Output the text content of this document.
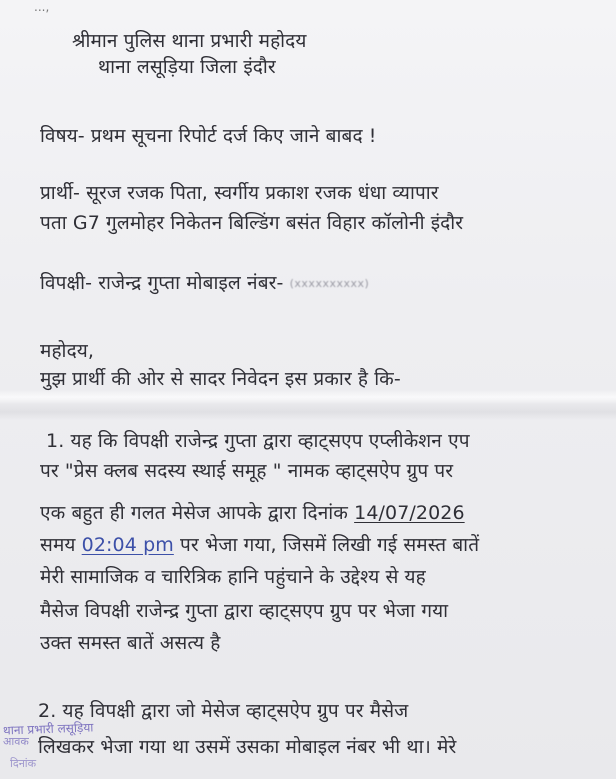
...,
श्रीमान पुलिस थाना प्रभारी महोदय
थाना लसूड़िया जिला इंदौर
विषय- प्रथम सूचना रिपोर्ट दर्ज किए जाने बाबद !
प्रार्थी- सूरज रजक पिता, स्वर्गीय प्रकाश रजक धंधा व्यापार
पता G7 गुलमोहर निकेतन बिल्डिंग बसंत विहार कॉलोनी इंदौर
विपक्षी- राजेन्द्र गुप्ता मोबाइल नंबर- (xxxxxxxxxx)
महोदय,
मुझ प्रार्थी की ओर से सादर निवेदन इस प्रकार है कि-
1. यह कि विपक्षी राजेन्द्र गुप्ता द्वारा व्हाट्सएप एप्लीकेशन एप
पर "प्रेस क्लब सदस्य स्थाई समूह " नामक व्हाट्सऐप ग्रुप पर
एक बहुत ही गलत मेसेज आपके द्वारा दिनांक 14/07/2026
समय 02:04 pm पर भेजा गया, जिसमें लिखी गई समस्त बातें
मेरी सामाजिक व चारित्रिक हानि पहुंचाने के उद्देश्य से यह
मैसेज विपक्षी राजेन्द्र गुप्ता द्वारा व्हाट्सएप ग्रुप पर भेजा गया
उक्त समस्त बातें असत्य है
2. यह विपक्षी द्वारा जो मेसेज व्हाट्सऐप ग्रुप पर मैसेज
लिखकर भेजा गया था उसमें उसका मोबाइल नंबर भी था। मेरे
थाना प्रभारी लसूड़िया
आवक
दिनांक
